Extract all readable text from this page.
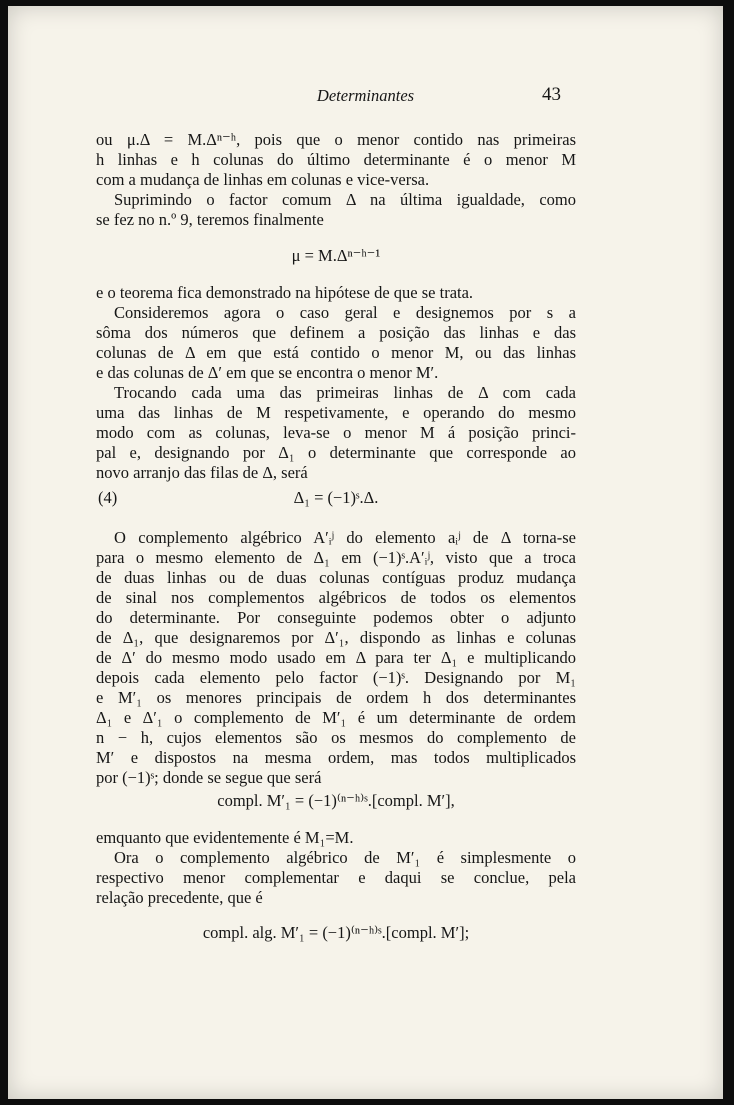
Determinantes	43
ou μ.Δ = M.Δⁿ⁻ʰ, pois que o menor contido nas primeiras
h linhas e h colunas do último determinante é o menor M
com a mudança de linhas em colunas e vice-versa.
Suprimindo o factor comum Δ na última igualdade, como
se fez no n.º 9, teremos finalmente
μ = M.Δⁿ⁻ʰ⁻¹
e o teorema fica demonstrado na hipótese de que se trata.
Consideremos agora o caso geral e designemos por s a
sôma dos números que definem a posição das linhas e das
colunas de Δ em que está contido o menor M, ou das linhas
e das colunas de Δ′ em que se encontra o menor M′.
Trocando cada uma das primeiras linhas de Δ com cada
uma das linhas de M respetivamente, e operando do mesmo
modo com as colunas, leva-se o menor M á posição princi-
pal e, designando por Δ₁ o determinante que corresponde ao
novo arranjo das filas de Δ, será
(4)	Δ₁ = (−1)ˢ.Δ.
O complemento algébrico A′ᵢʲ do elemento aᵢʲ de Δ torna-se
para o mesmo elemento de Δ₁ em (−1)ˢ.A′ᵢʲ, visto que a troca
de duas linhas ou de duas colunas contíguas produz mudança
de sinal nos complementos algébricos de todos os elementos
do determinante. Por conseguinte podemos obter o adjunto
de Δ₁, que designaremos por Δ′₁, dispondo as linhas e colunas
de Δ′ do mesmo modo usado em Δ para ter Δ₁ e multiplicando
depois cada elemento pelo factor (−1)ˢ. Designando por M₁
e M′₁ os menores principais de ordem h dos determinantes
Δ₁ e Δ′₁ o complemento de M′₁ é um determinante de ordem
n − h, cujos elementos são os mesmos do complemento de
M′ e dispostos na mesma ordem, mas todos multiplicados
por (−1)ˢ; donde se segue que será
compl. M′₁ = (−1)⁽ⁿ⁻ʰ⁾ˢ.[compl. M′],
emquanto que evidentemente é M₁=M.
Ora o complemento algébrico de M′₁ é simplesmente o
respectivo menor complementar e daqui se conclue, pela
relação precedente, que é
compl. alg. M′₁ = (−1)⁽ⁿ⁻ʰ⁾ˢ.[compl. M′];
